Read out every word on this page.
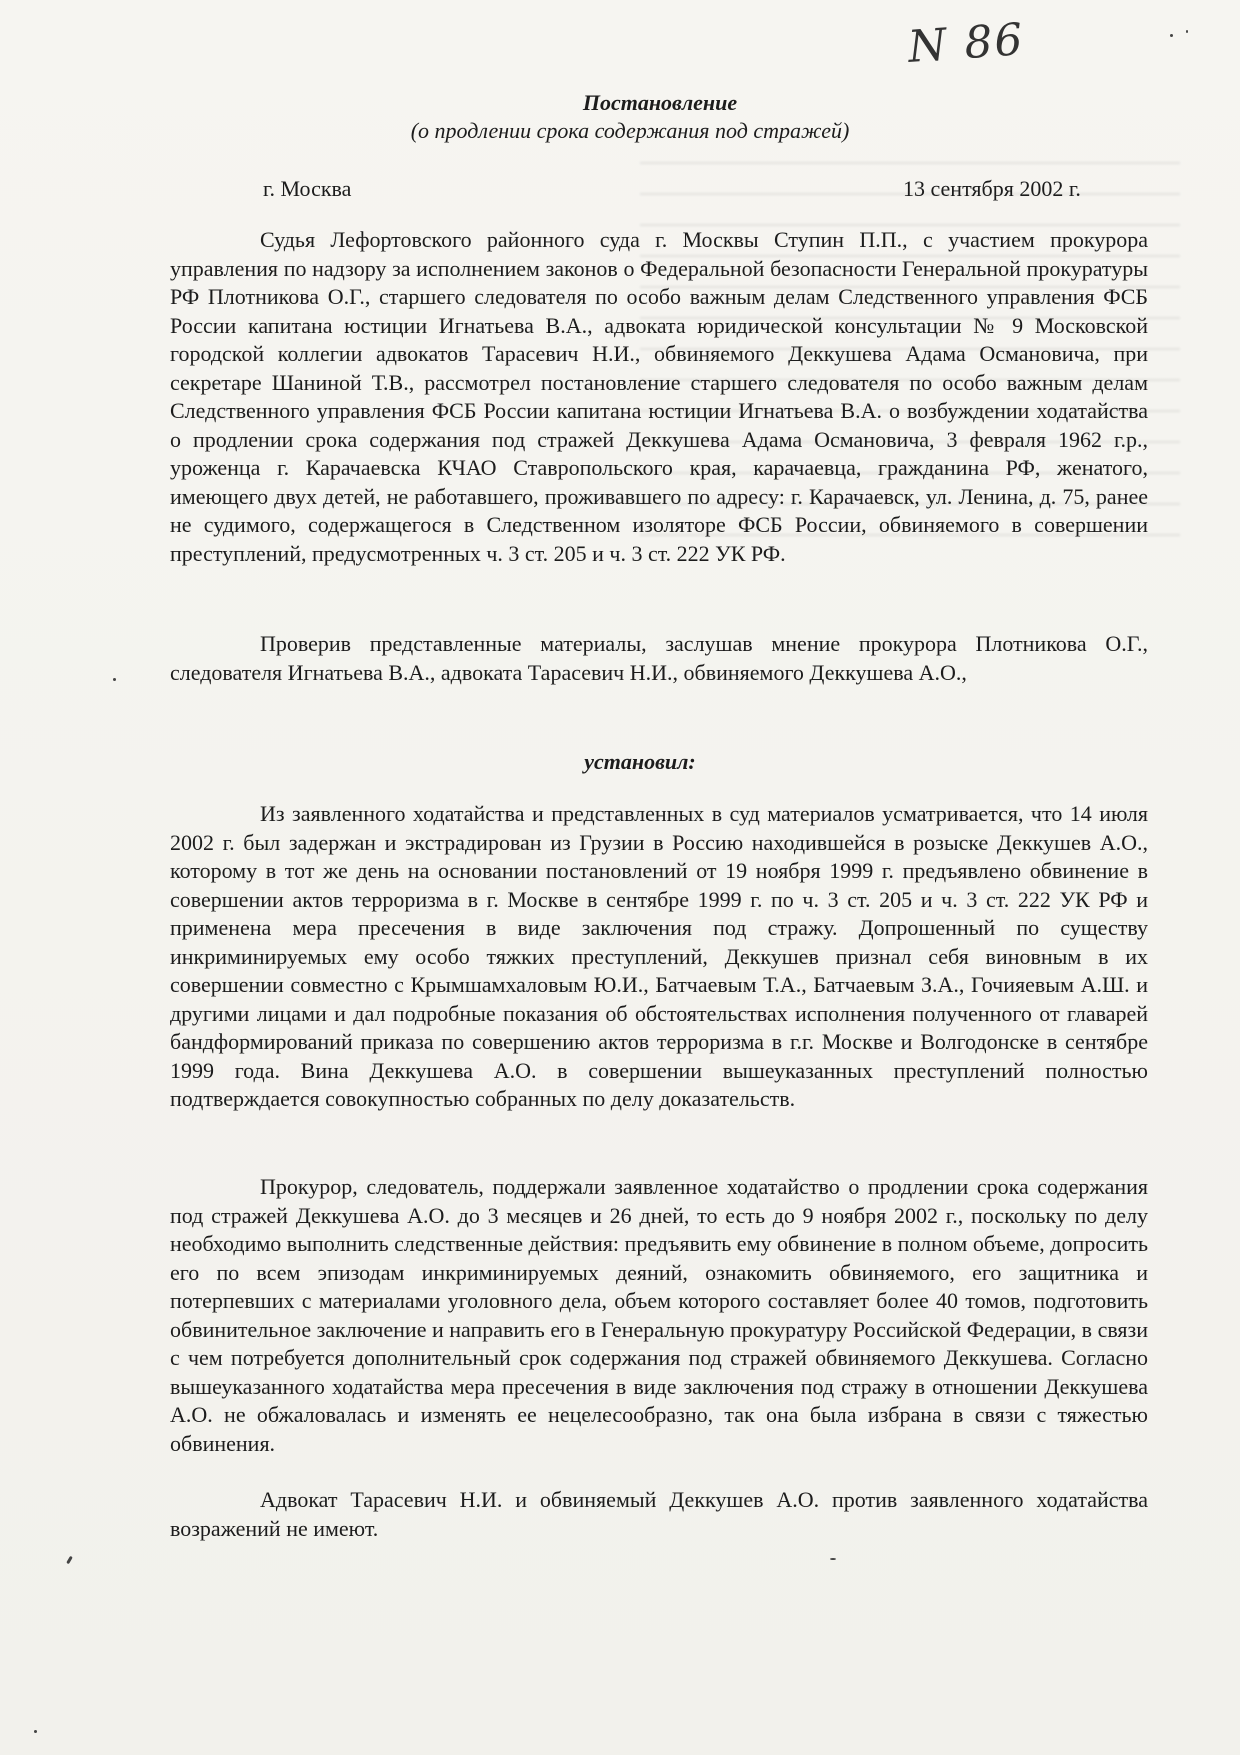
N 86
Постановление
(о продлении срока содержания под стражей)
г. Москва	13 сентября 2002 г.

Судья Лефортовского районного суда г. Москвы Ступин П.П., с участием прокурора управления по надзору за исполнением законов о Федеральной безопасности Генеральной прокуратуры РФ Плотникова О.Г., старшего следователя по особо важным делам Следственного управления ФСБ России капитана юстиции Игнатьева В.А., адвоката юридической консультации № 9 Московской городской коллегии адвокатов Тарасевич Н.И., обвиняемого Деккушева Адама Османовича, при секретаре Шаниной Т.В., рассмотрел постановление старшего следователя по особо важным делам Следственного управления ФСБ России капитана юстиции Игнатьева В.А. о возбуждении ходатайства о продлении срока содержания под стражей Деккушева Адама Османовича, 3 февраля 1962 г.р., уроженца г. Карачаевска КЧАО Ставропольского края, карачаевца, гражданина РФ, женатого, имеющего двух детей, не работавшего, проживавшего по адресу: г. Карачаевск, ул. Ленина, д. 75, ранее не судимого, содержащегося в Следственном изоляторе ФСБ России, обвиняемого в совершении преступлений, предусмотренных ч. 3 ст. 205 и ч. 3 ст. 222 УК РФ.

Проверив представленные материалы, заслушав мнение прокурора Плотникова О.Г., следователя Игнатьева В.А., адвоката Тарасевич Н.И., обвиняемого Деккушева А.О.,

установил:

Из заявленного ходатайства и представленных в суд материалов усматривается, что 14 июля 2002 г. был задержан и экстрадирован из Грузии в Россию находившейся в розыске Деккушев А.О., которому в тот же день на основании постановлений от 19 ноября 1999 г. предъявлено обвинение в совершении актов терроризма в г. Москве в сентябре 1999 г. по ч. 3 ст. 205 и ч. 3 ст. 222 УК РФ и применена мера пресечения в виде заключения под стражу. Допрошенный по существу инкриминируемых ему особо тяжких преступлений, Деккушев признал себя виновным в их совершении совместно с Крымшамхаловым Ю.И., Батчаевым Т.А., Батчаевым З.А., Гочияевым А.Ш. и другими лицами и дал подробные показания об обстоятельствах исполнения полученного от главарей бандформирований приказа по совершению актов терроризма в г.г. Москве и Волгодонске в сентябре 1999 года. Вина Деккушева А.О. в совершении вышеуказанных преступлений полностью подтверждается совокупностью собранных по делу доказательств.

Прокурор, следователь, поддержали заявленное ходатайство о продлении срока содержания под стражей Деккушева А.О. до 3 месяцев и 26 дней, то есть до 9 ноября 2002 г., поскольку по делу необходимо выполнить следственные действия: предъявить ему обвинение в полном объеме, допросить его по всем эпизодам инкриминируемых деяний, ознакомить обвиняемого, его защитника и потерпевших с материалами уголовного дела, объем которого составляет более 40 томов, подготовить обвинительное заключение и направить его в Генеральную прокуратуру Российской Федерации, в связи с чем потребуется дополнительный срок содержания под стражей обвиняемого Деккушева. Согласно вышеуказанного ходатайства мера пресечения в виде заключения под стражу в отношении Деккушева А.О. не обжаловалась и изменять ее нецелесообразно, так она была избрана в связи с тяжестью обвинения.

Адвокат Тарасевич Н.И. и обвиняемый Деккушев А.О. против заявленного ходатайства возражений не имеют.
